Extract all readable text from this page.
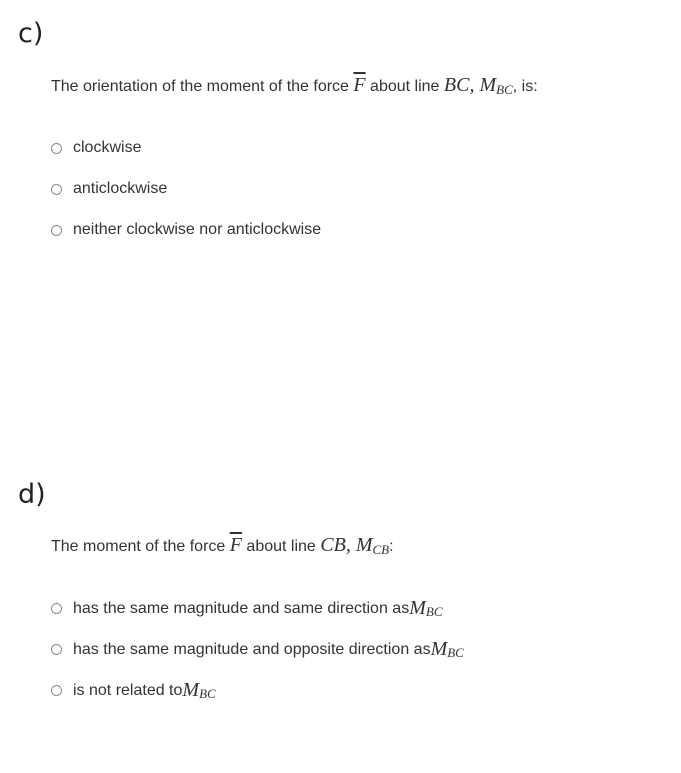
c)
The orientation of the moment of the force $\overline{F}$ about line BC, MBC, is:
clockwise
anticlockwise
neither clockwise nor anticlockwise
d)
The moment of the force $\overline{F}$ about line CB, MCB:
has the same magnitude and same direction as M BC
has the same magnitude and opposite direction as M BC
is not related to M BC
